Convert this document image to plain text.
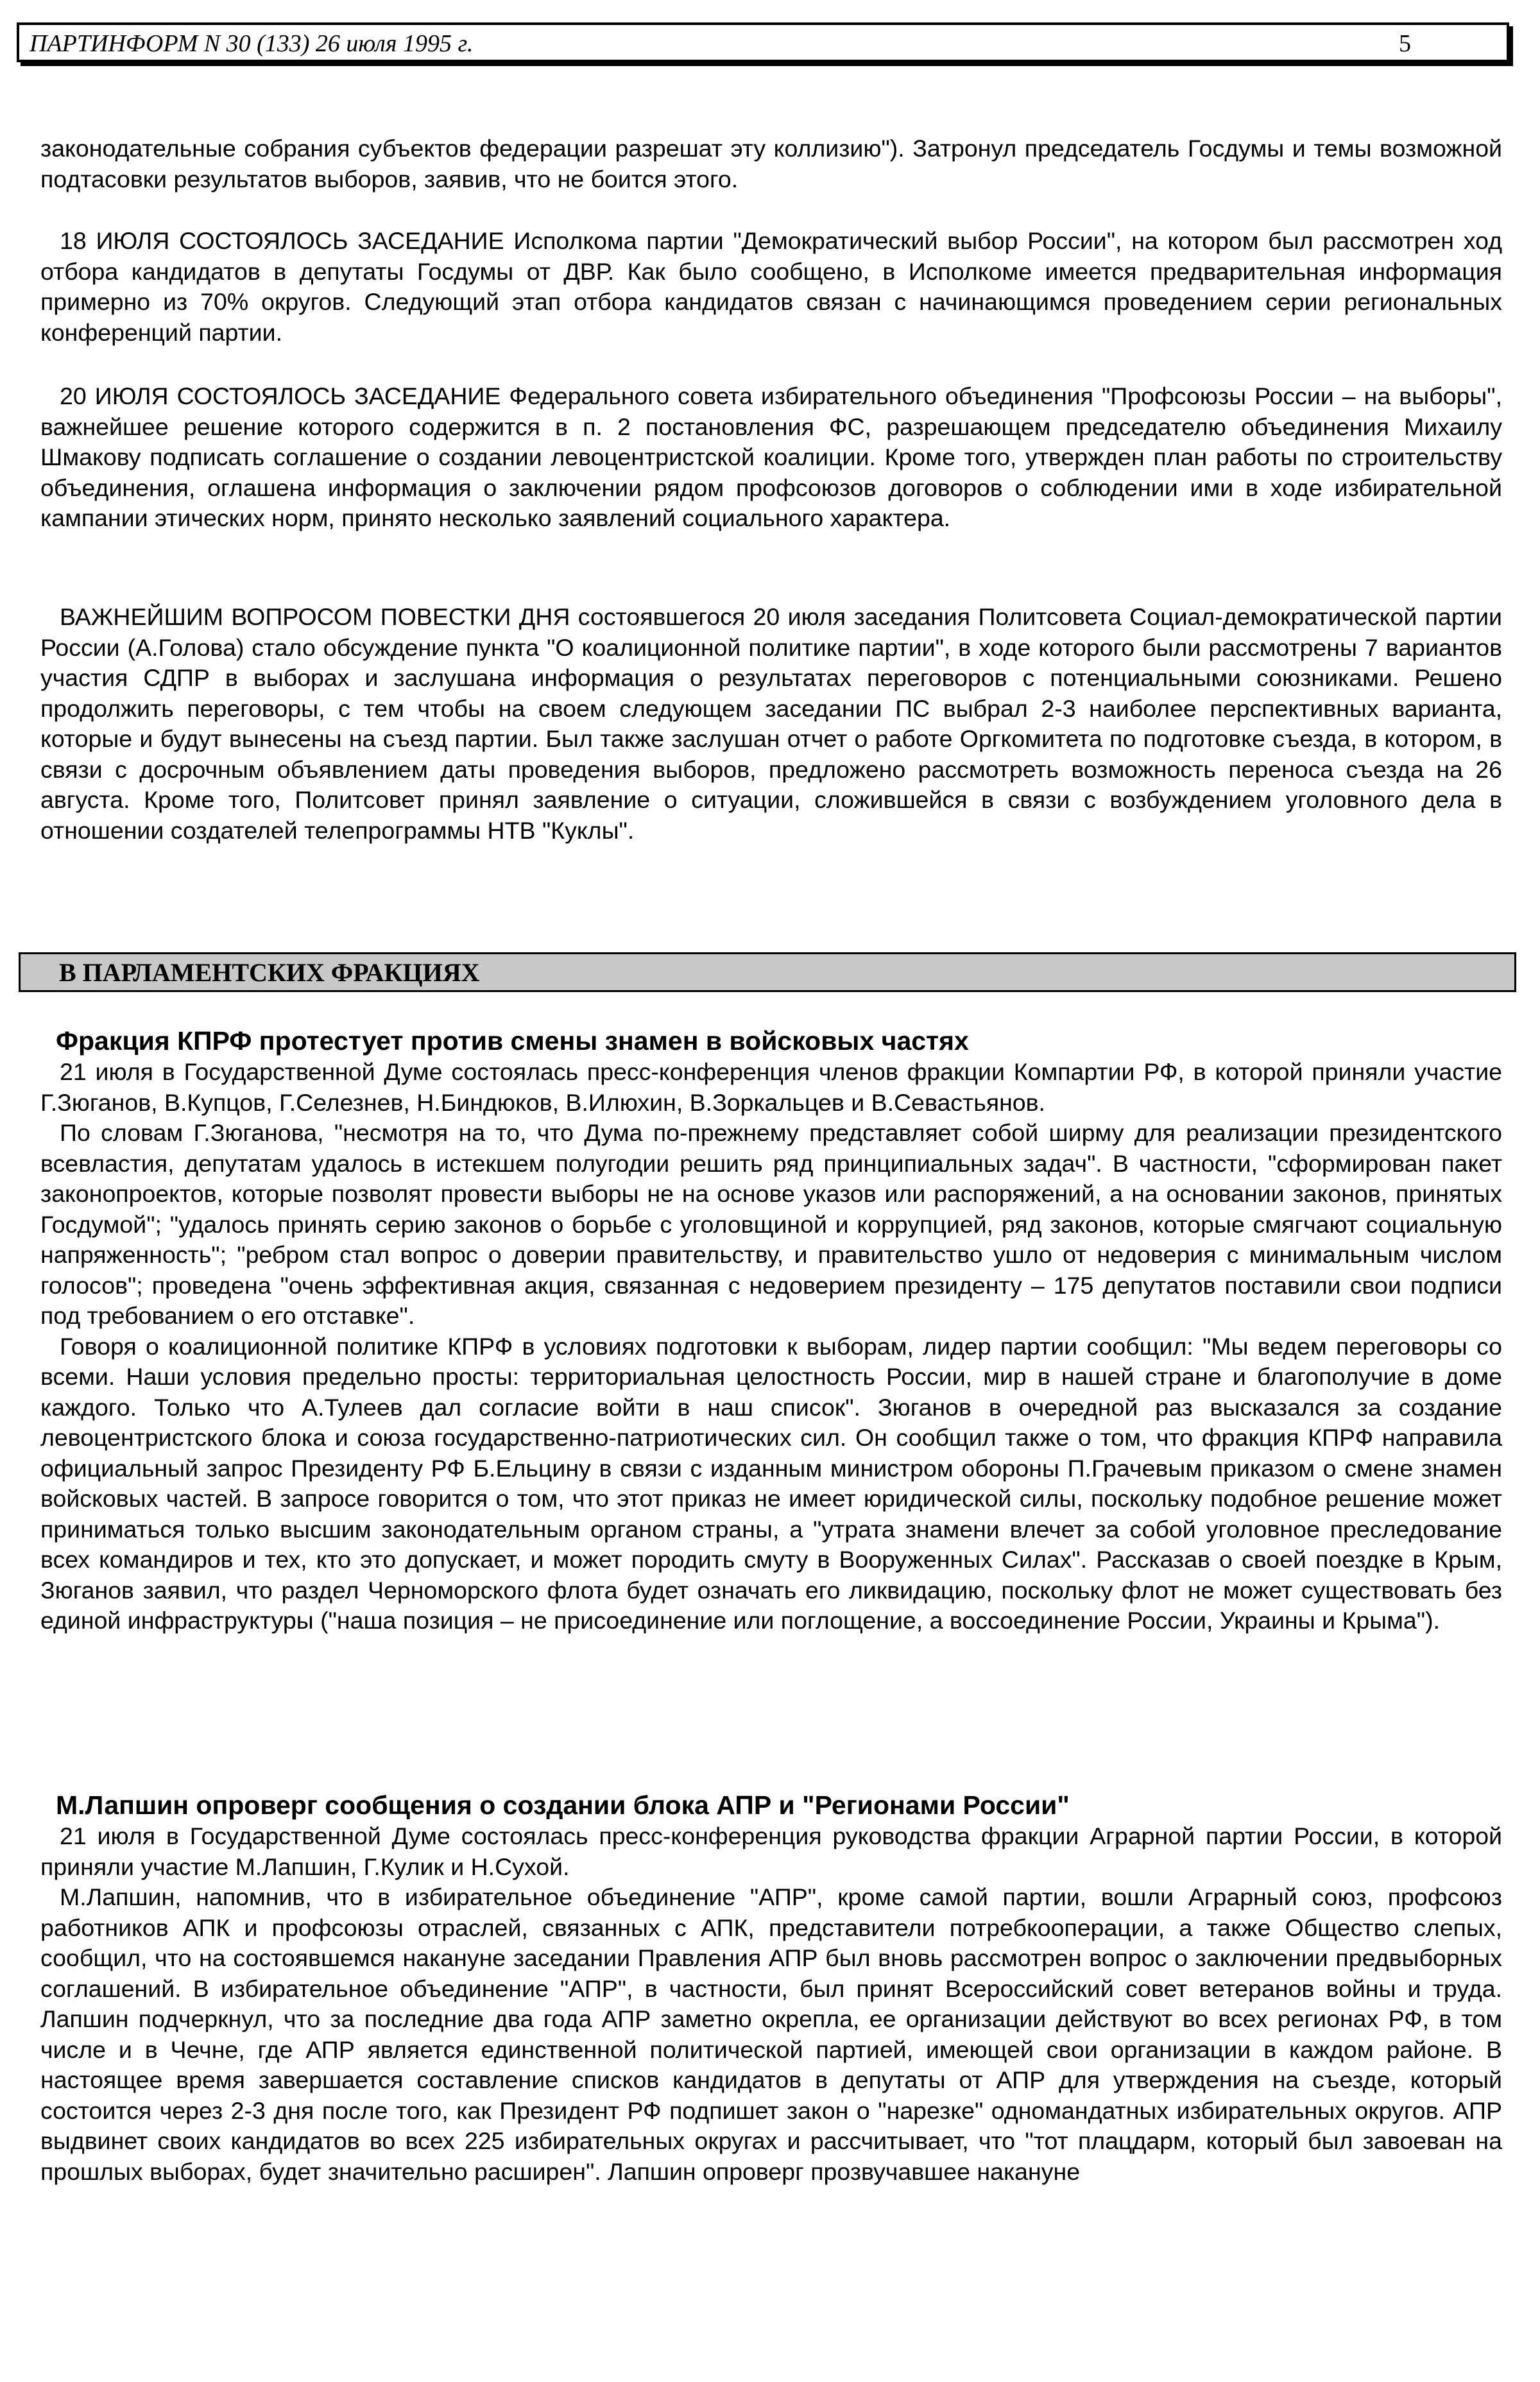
ПАРТИНФОРМ N 30 (133) 26 июля 1995 г.	5

законодательные собрания субъектов федерации разрешат эту коллизию"). Затронул председатель Госдумы и темы возможной подтасовки результатов выборов, заявив, что не боится этого.

18 ИЮЛЯ СОСТОЯЛОСЬ ЗАСЕДАНИЕ Исполкома партии "Демократический выбор России", на котором был рассмотрен ход отбора кандидатов в депутаты Госдумы от ДВР. Как было сообщено, в Исполкоме имеется предварительная информация примерно из 70% округов. Следующий этап отбора кандидатов связан с начинающимся проведением серии региональных конференций партии.

20 ИЮЛЯ СОСТОЯЛОСЬ ЗАСЕДАНИЕ Федерального совета избирательного объединения "Профсоюзы России – на выборы", важнейшее решение которого содержится в п. 2 постановления ФС, разрешающем председателю объединения Михаилу Шмакову подписать соглашение о создании левоцентристской коалиции. Кроме того, утвержден план работы по строительству объединения, оглашена информация о заключении рядом профсоюзов договоров о соблюдении ими в ходе избирательной кампании этических норм, принято несколько заявлений социального характера.

ВАЖНЕЙШИМ ВОПРОСОМ ПОВЕСТКИ ДНЯ состоявшегося 20 июля заседания Политсовета Социал-демократической партии России (А.Голова) стало обсуждение пункта "О коалиционной политике партии", в ходе которого были рассмотрены 7 вариантов участия СДПР в выборах и заслушана информация о результатах переговоров с потенциальными союзниками. Решено продолжить переговоры, с тем чтобы на своем следующем заседании ПС выбрал 2-3 наиболее перспективных варианта, которые и будут вынесены на съезд партии. Был также заслушан отчет о работе Оргкомитета по подготовке съезда, в котором, в связи с досрочным объявлением даты проведения выборов, предложено рассмотреть возможность переноса съезда на 26 августа. Кроме того, Политсовет принял заявление о ситуации, сложившейся в связи с возбуждением уголовного дела в отношении создателей телепрограммы НТВ "Куклы".

В ПАРЛАМЕНТСКИХ ФРАКЦИЯХ

Фракция КПРФ протестует против смены знамен в войсковых частях

21 июля в Государственной Думе состоялась пресс-конференция членов фракции Компартии РФ, в которой приняли участие Г.Зюганов, В.Купцов, Г.Селезнев, Н.Биндюков, В.Илюхин, В.Зоркальцев и В.Севастьянов.

По словам Г.Зюганова, "несмотря на то, что Дума по-прежнему представляет собой ширму для реализации президентского всевластия, депутатам удалось в истекшем полугодии решить ряд принципиальных задач". В частности, "сформирован пакет законопроектов, которые позволят провести выборы не на основе указов или распоряжений, а на основании законов, принятых Госдумой"; "удалось принять серию законов о борьбе с уголовщиной и коррупцией, ряд законов, которые смягчают социальную напряженность"; "ребром стал вопрос о доверии правительству, и правительство ушло от недоверия с минимальным числом голосов"; проведена "очень эффективная акция, связанная с недоверием президенту – 175 депутатов поставили свои подписи под требованием о его отставке".

Говоря о коалиционной политике КПРФ в условиях подготовки к выборам, лидер партии сообщил: "Мы ведем переговоры со всеми. Наши условия предельно просты: территориальная целостность России, мир в нашей стране и благополучие в доме каждого. Только что А.Тулеев дал согласие войти в наш список". Зюганов в очередной раз высказался за создание левоцентристского блока и союза государственно-патриотических сил. Он сообщил также о том, что фракция КПРФ направила официальный запрос Президенту РФ Б.Ельцину в связи с изданным министром обороны П.Грачевым приказом о смене знамен войсковых частей. В запросе говорится о том, что этот приказ не имеет юридической силы, поскольку подобное решение может приниматься только высшим законодательным органом страны, а "утрата знамени влечет за собой уголовное преследование всех командиров и тех, кто это допускает, и может породить смуту в Вооруженных Силах". Рассказав о своей поездке в Крым, Зюганов заявил, что раздел Черноморского флота будет означать его ликвидацию, поскольку флот не может существовать без единой инфраструктуры ("наша позиция – не присоединение или поглощение, а воссоединение России, Украины и Крыма").

М.Лапшин опроверг сообщения о создании блока АПР и "Регионами России"

21 июля в Государственной Думе состоялась пресс-конференция руководства фракции Аграрной партии России, в которой приняли участие М.Лапшин, Г.Кулик и Н.Сухой.

М.Лапшин, напомнив, что в избирательное объединение "АПР", кроме самой партии, вошли Аграрный союз, профсоюз работников АПК и профсоюзы отраслей, связанных с АПК, представители потребкооперации, а также Общество слепых, сообщил, что на состоявшемся накануне заседании Правления АПР был вновь рассмотрен вопрос о заключении предвыборных соглашений. В избирательное объединение "АПР", в частности, был принят Всероссийский совет ветеранов войны и труда. Лапшин подчеркнул, что за последние два года АПР заметно окрепла, ее организации действуют во всех регионах РФ, в том числе и в Чечне, где АПР является единственной политической партией, имеющей свои организации в каждом районе. В настоящее время завершается составление списков кандидатов в депутаты от АПР для утверждения на съезде, который состоится через 2-3 дня после того, как Президент РФ подпишет закон о "нарезке" одномандатных избирательных округов. АПР выдвинет своих кандидатов во всех 225 избирательных округах и рассчитывает, что "тот плацдарм, который был завоеван на прошлых выборах, будет значительно расширен". Лапшин опроверг прозвучавшее накануне
